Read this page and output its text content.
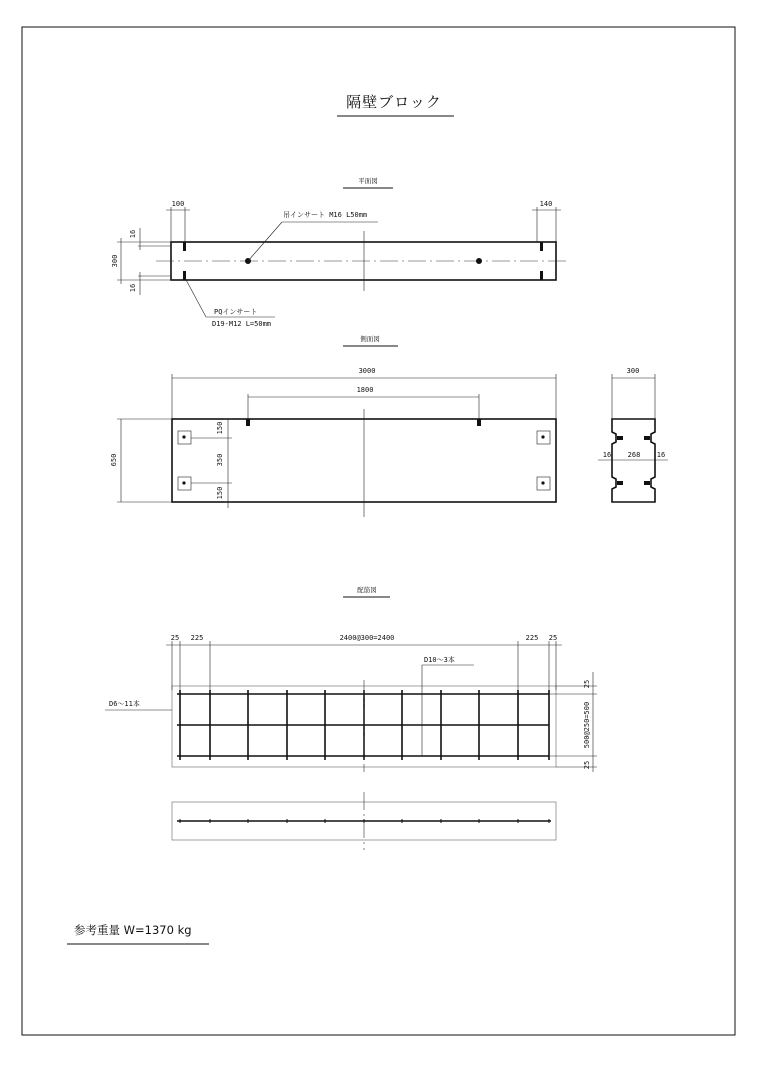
隔壁ブロック
平面図
吊インサート M16 L50mm
PQインサート
D19-M12 L=50mm
100	140
300
16
16
側面図
3000
1800
650
150
350
150
300
16 268 16
配筋図
25 225	2400@300=2400	225 25
D10～3本
D6～11本
25
500@250=500
25
参考重量 W=1370 kg
